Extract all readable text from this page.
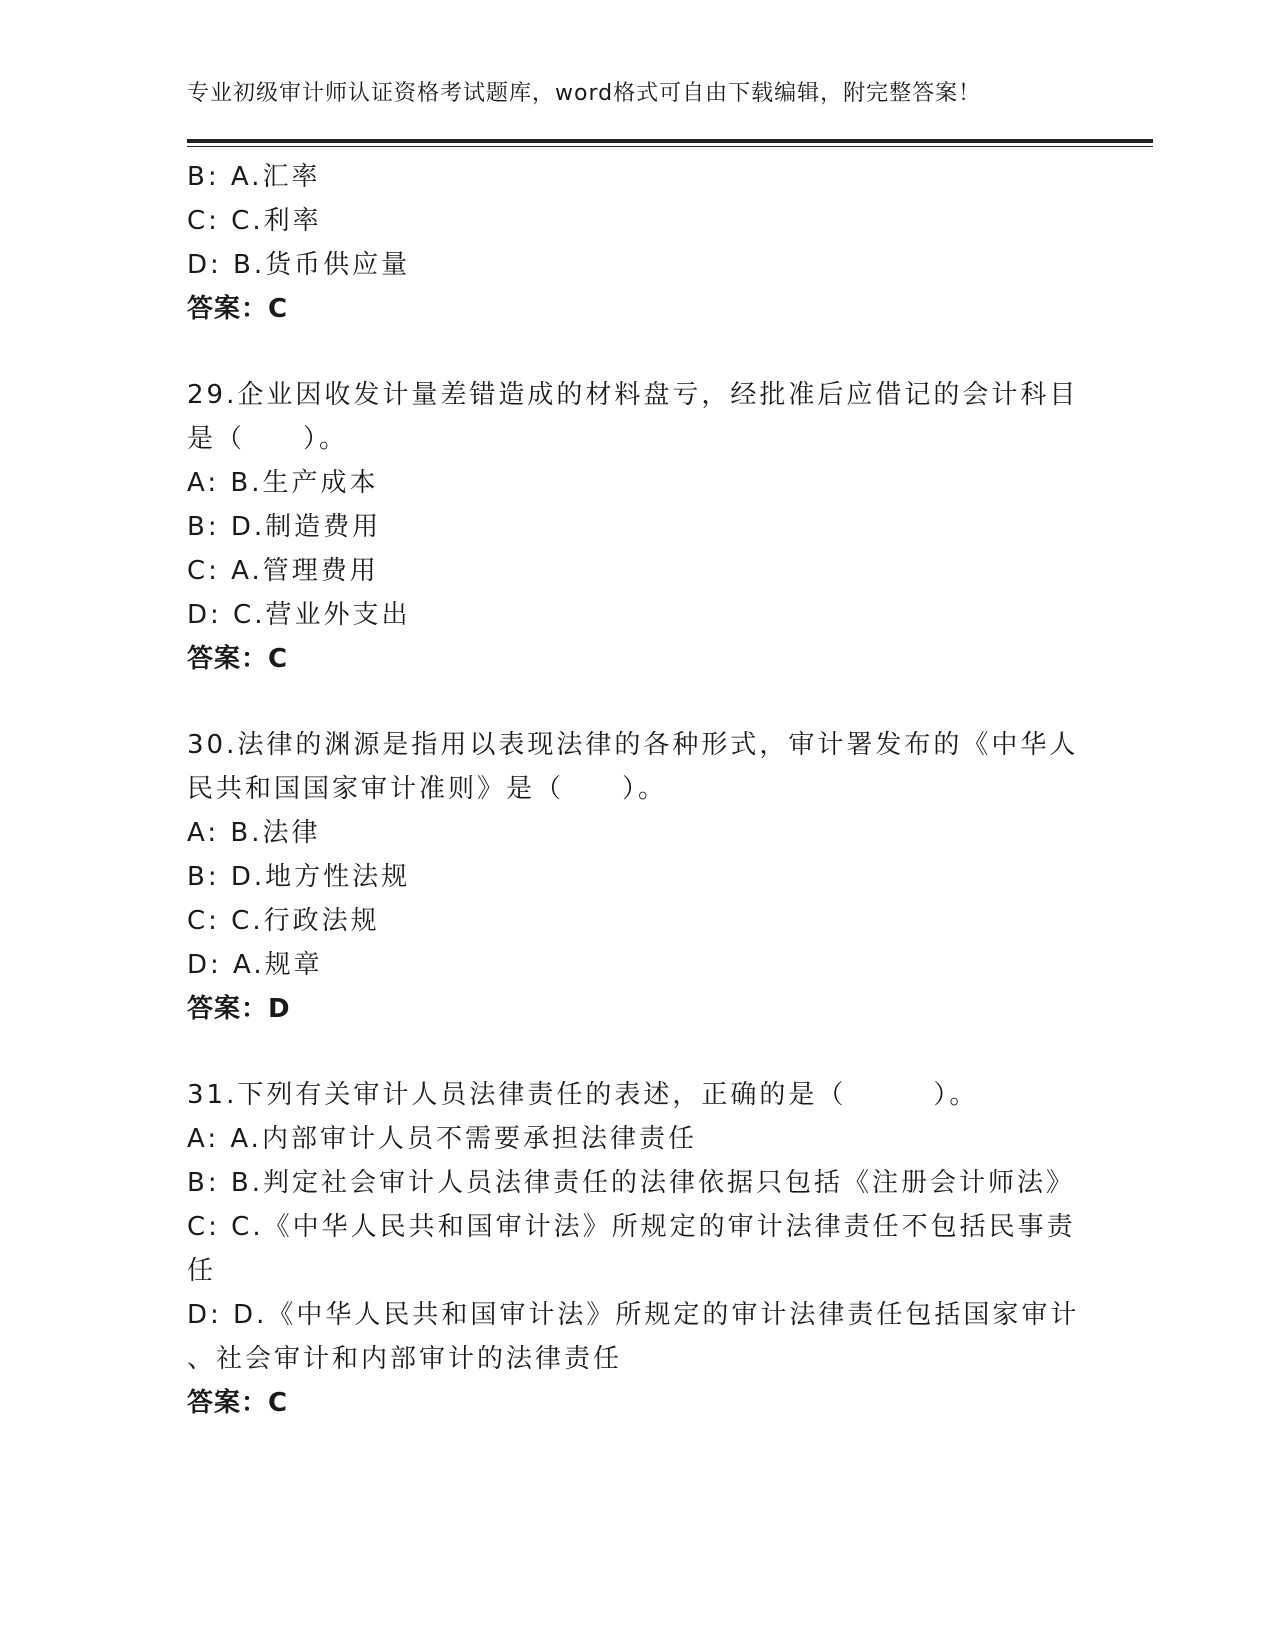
专业初级审计师认证资格考试题库，word格式可自由下载编辑，附完整答案！
B: A.汇率
C: C.利率
D: B.货币供应量
答案：C
29.企业因收发计量差错造成的材料盘亏，经批准后应借记的会计科目
是（　　）。
A: B.生产成本
B: D.制造费用
C: A.管理费用
D: C.营业外支出
答案：C
30.法律的渊源是指用以表现法律的各种形式，审计署发布的《中华人
民共和国国家审计准则》是（　　）。
A: B.法律
B: D.地方性法规
C: C.行政法规
D: A.规章
答案：D
31.下列有关审计人员法律责任的表述，正确的是（　　　）。
A: A.内部审计人员不需要承担法律责任
B: B.判定社会审计人员法律责任的法律依据只包括《注册会计师法》
C: C.《中华人民共和国审计法》所规定的审计法律责任不包括民事责
任
D: D.《中华人民共和国审计法》所规定的审计法律责任包括国家审计
、社会审计和内部审计的法律责任
答案：C
